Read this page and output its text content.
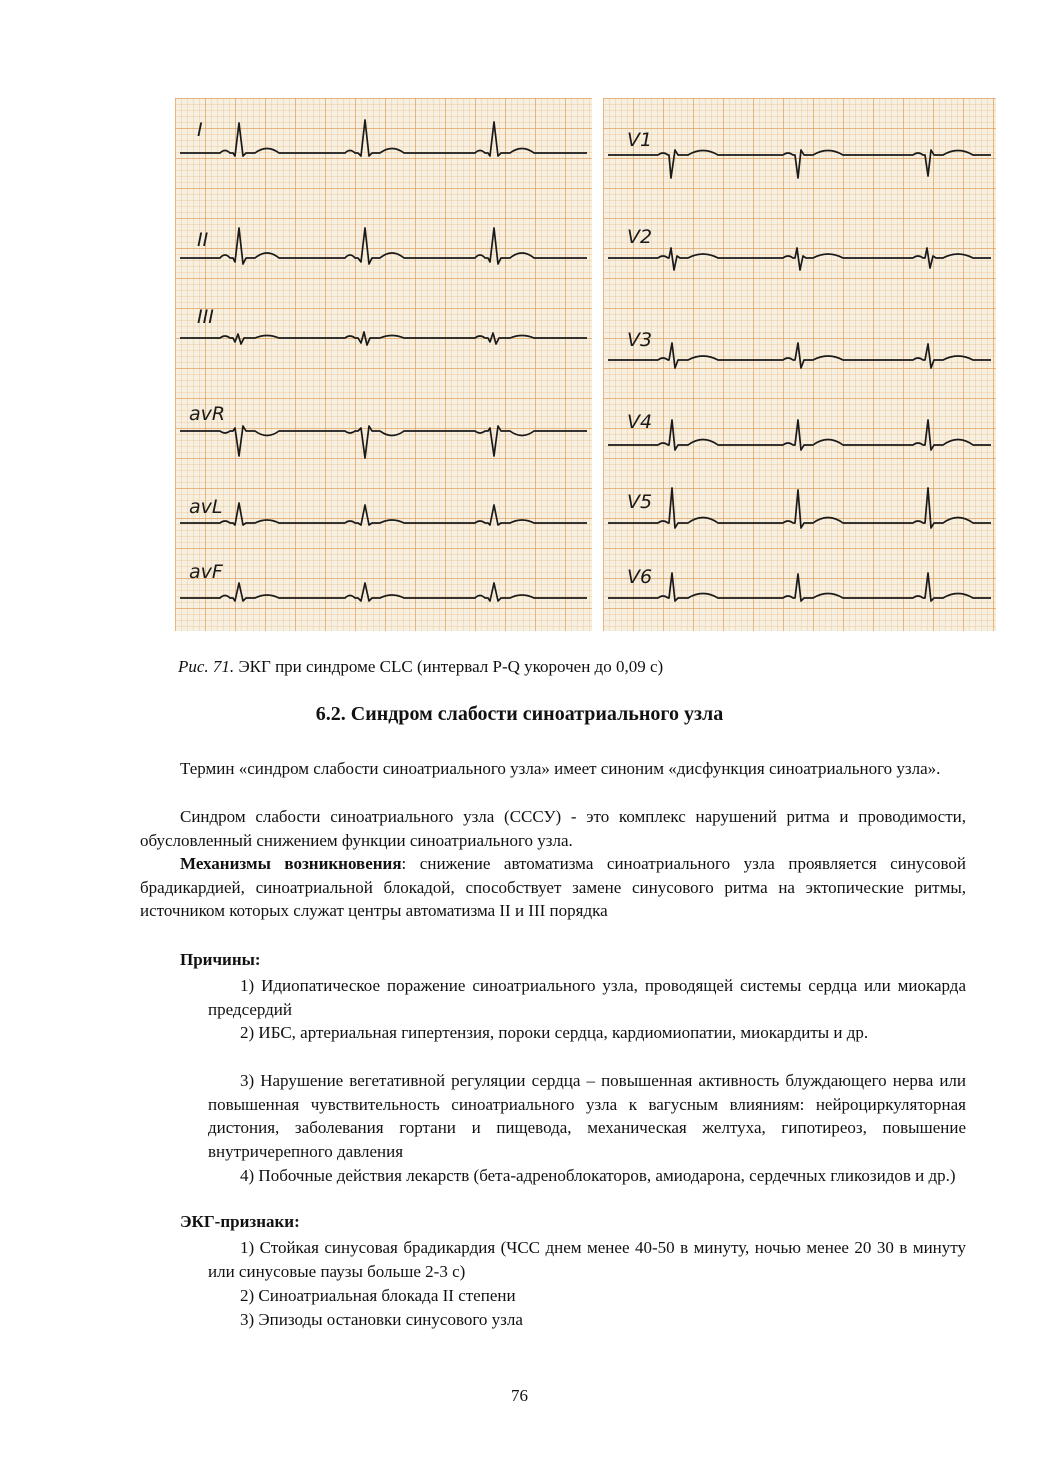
I
II
III
avR
avL
avF
V1
V2
V3
V4
V5
V6
Рис. 71. ЭКГ при синдроме CLC (интервал P-Q укорочен до 0,09 с)
6.2. Синдром слабости синоатриального узла

Термин «синдром слабости синоатриального узла» имеет синоним «дисфункция синоатриального узла».

Синдром слабости синоатриального узла (СССУ) - это комплекс нарушений ритма и проводимости, обусловленный снижением функции синоатриального узла.

Механизмы возникновения: снижение автоматизма синоатриального узла проявляется синусовой брадикардией, синоатриальной блокадой, способствует замене синусового ритма на эктопические ритмы, источником которых служат центры автоматизма II и III порядка

Причины:

1) Идиопатическое поражение синоатриального узла, проводящей системы сердца или миокарда предсердий

2) ИБС, артериальная гипертензия, пороки сердца, кардиомиопатии, миокардиты и др.

3) Нарушение вегетативной регуляции сердца – повышенная активность блуждающего нерва или повышенная чувствительность синоатриального узла к вагусным влияниям: нейроциркуляторная дистония, заболевания гортани и пищевода, механическая желтуха, гипотиреоз, повышение внутричерепного давления

4) Побочные действия лекарств (бета-адреноблокаторов, амиодарона, сердечных гликозидов и др.)

ЭКГ-признаки:

1) Стойкая синусовая брадикардия (ЧСС днем менее 40-50 в минуту, ночью менее 20 30 в минуту или синусовые паузы больше 2-3 с)

2) Синоатриальная блокада II степени

3) Эпизоды остановки синусового узла

76
